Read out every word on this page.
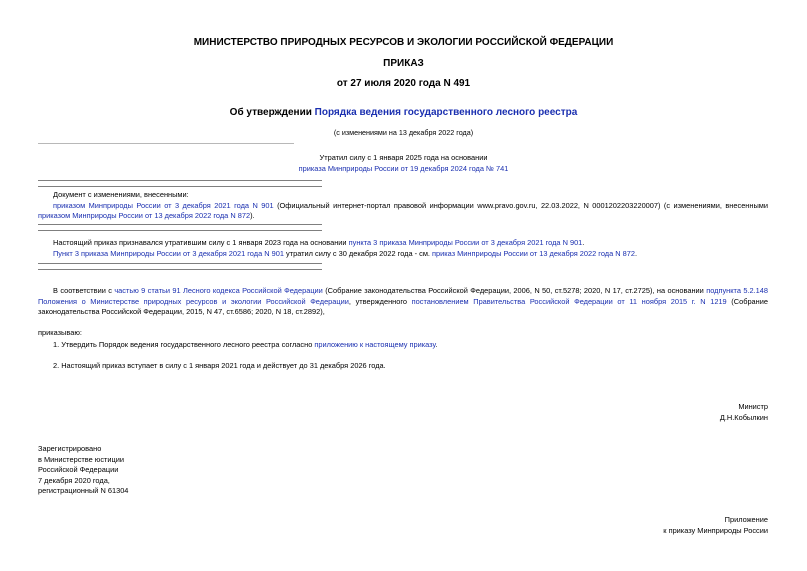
МИНИСТЕРСТВО ПРИРОДНЫХ РЕСУРСОВ И ЭКОЛОГИИ РОССИЙСКОЙ ФЕДЕРАЦИИ
ПРИКАЗ
от 27 июля 2020 года N 491
Об утверждении Порядка ведения государственного лесного реестра
(с изменениями на 13 декабря 2022 года)
Утратил силу с 1 января 2025 года на основании
приказа Минприроды России от 19 декабря 2024 года № 741
Документ с изменениями, внесенными:
приказом Минприроды России от 3 декабря 2021 года N 901 (Официальный интернет-портал правовой информации www.pravo.gov.ru, 22.03.2022, N 0001202203220007) (с изменениями, внесенными приказом Минприроды России от 13 декабря 2022 года N 872).
Настоящий приказ признавался утратившим силу с 1 января 2023 года на основании пункта 3 приказа Минприроды России от 3 декабря 2021 года N 901.
Пункт 3 приказа Минприроды России от 3 декабря 2021 года N 901 утратил силу с 30 декабря 2022 года - см. приказ Минприроды России от 13 декабря 2022 года N 872.
В соответствии с частью 9 статьи 91 Лесного кодекса Российской Федерации (Собрание законодательства Российской Федерации, 2006, N 50, ст.5278; 2020, N 17, ст.2725), на основании подпункта 5.2.148 Положения о Министерстве природных ресурсов и экологии Российской Федерации, утвержденного постановлением Правительства Российской Федерации от 11 ноября 2015 г. N 1219 (Собрание законодательства Российской Федерации, 2015, N 47, ст.6586; 2020, N 18, ст.2892),
приказываю:
1. Утвердить Порядок ведения государственного лесного реестра согласно приложению к настоящему приказу.
2. Настоящий приказ вступает в силу с 1 января 2021 года и действует до 31 декабря 2026 года.
Министр
Д.Н.Кобылкин
Зарегистрировано
в Министерстве юстиции
Российской Федерации
7 декабря 2020 года,
регистрационный N 61304
Приложение
к приказу Минприроды России
